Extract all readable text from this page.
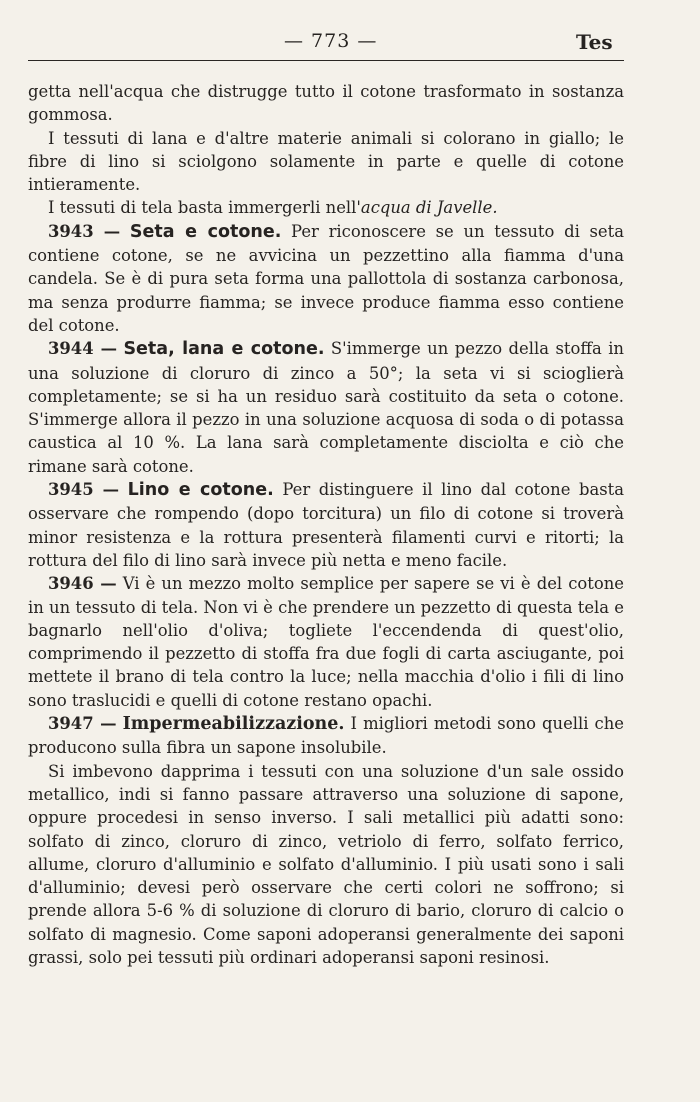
— 773 —	Tes

getta nell'acqua che distrugge tutto il cotone trasformato in sostanza gommosa.

I tessuti di lana e d'altre materie animali si colorano in giallo; le fibre di lino si sciolgono solamente in parte e quelle di cotone intieramente.

I tessuti di tela basta immergerli nell'acqua di Javelle.

3943 — Seta e cotone. Per riconoscere se un tessuto di seta contiene cotone, se ne avvicina un pezzettino alla fiamma d'una candela. Se è di pura seta forma una pallottola di sostanza carbonosa, ma senza produrre fiamma; se invece produce fiamma esso contiene del cotone.

3944 — Seta, lana e cotone. S'immerge un pezzo della stoffa in una soluzione di cloruro di zinco a 50°; la seta vi si scioglierà completamente; se si ha un residuo sarà costituito da seta o cotone. S'immerge allora il pezzo in una soluzione acquosa di soda o di potassa caustica al 10 %. La lana sarà completamente disciolta e ciò che rimane sarà cotone.

3945 — Lino e cotone. Per distinguere il lino dal cotone basta osservare che rompendo (dopo torcitura) un filo di cotone si troverà minor resistenza e la rottura presenterà filamenti curvi e ritorti; la rottura del filo di lino sarà invece più netta e meno facile.

3946 — Vi è un mezzo molto semplice per sapere se vi è del cotone in un tessuto di tela. Non vi è che prendere un pezzetto di questa tela e bagnarlo nell'olio d'oliva; togliete l'eccendenda di quest'olio, comprimendo il pezzetto di stoffa fra due fogli di carta asciugante, poi mettete il brano di tela contro la luce; nella macchia d'olio i fili di lino sono traslucidi e quelli di cotone restano opachi.

3947 — Impermeabilizzazione. I migliori metodi sono quelli che producono sulla fibra un sapone insolubile.

Si imbevono dapprima i tessuti con una soluzione d'un sale ossido metallico, indi si fanno passare attraverso una soluzione di sapone, oppure procedesi in senso inverso. I sali metallici più adatti sono: solfato di zinco, cloruro di zinco, vetriolo di ferro, solfato ferrico, allume, cloruro d'alluminio e solfato d'alluminio. I più usati sono i sali d'alluminio; devesi però osservare che certi colori ne soffrono; si prende allora 5-6 % di soluzione di cloruro di bario, cloruro di calcio o solfato di magnesio. Come saponi adoperansi generalmente dei saponi grassi, solo pei tessuti più ordinari adoperansi saponi resinosi.
